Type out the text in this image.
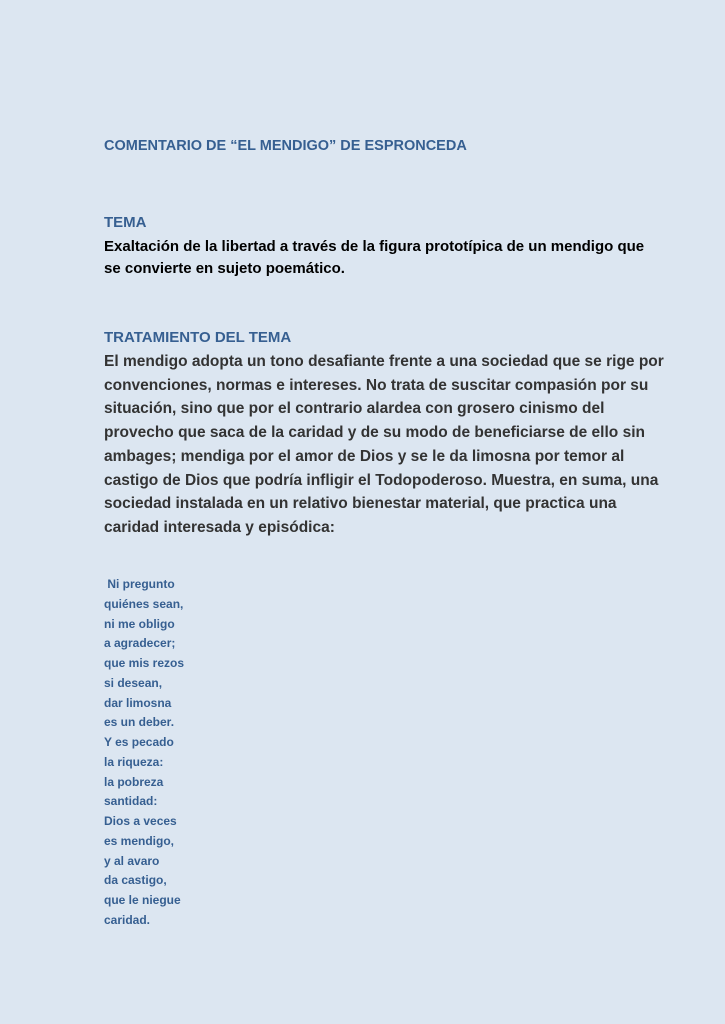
COMENTARIO DE “EL MENDIGO” DE ESPRONCEDA
TEMA

Exaltación de la libertad a través de la figura prototípica de un mendigo que se convierte en sujeto poemático.

TRATAMIENTO DEL TEMA

El mendigo adopta un tono desafiante frente a una sociedad que se rige por convenciones, normas e intereses. No trata de suscitar compasión por su situación, sino que por el contrario alardea con grosero cinismo del provecho que saca de la caridad y de su modo de beneficiarse de ello sin ambages; mendiga por el amor de Dios y se le da limosna por temor al castigo de Dios que podría infligir el Todopoderoso. Muestra, en suma, una sociedad instalada en un relativo bienestar material, que practica una caridad interesada y episódica:

Ni pregunto
quiénes sean,
ni me obligo
a agradecer;
que mis rezos
si desean,
dar limosna
es un deber.
Y es pecado
la riqueza:
la pobreza
santidad:
Dios a veces
es mendigo,
y al avaro
da castigo,
que le niegue
caridad.
